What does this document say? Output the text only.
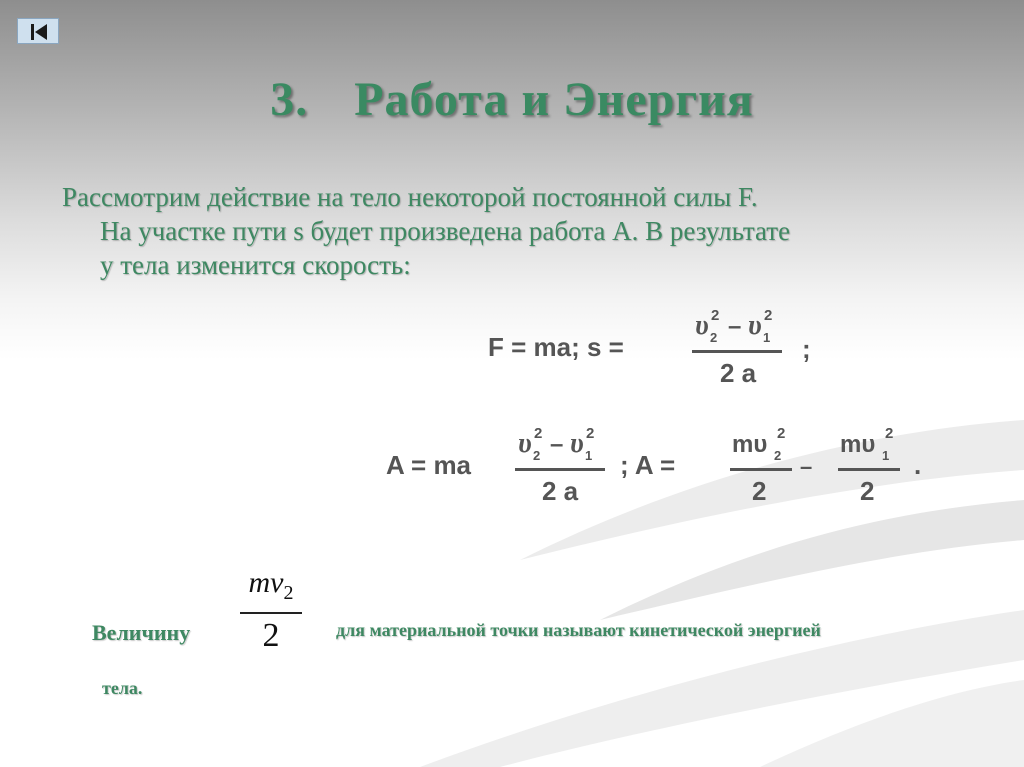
3. Работа и Энергия
Рассмотрим действие на тело некоторой постоянной силы F.
На участке пути s будет произведена работа А. В результате
у тела изменится скорость:
F = ma; s =
υ 2
2 – υ 2
1
2 a
;
A = ma
υ 2
2 – υ 2
1
2 a
; A =
mυ 2
2
2
–
mυ 2
1
2
.
Величину
$mv_2$
2	для материальной точки называют кинетической энергией
тела.
